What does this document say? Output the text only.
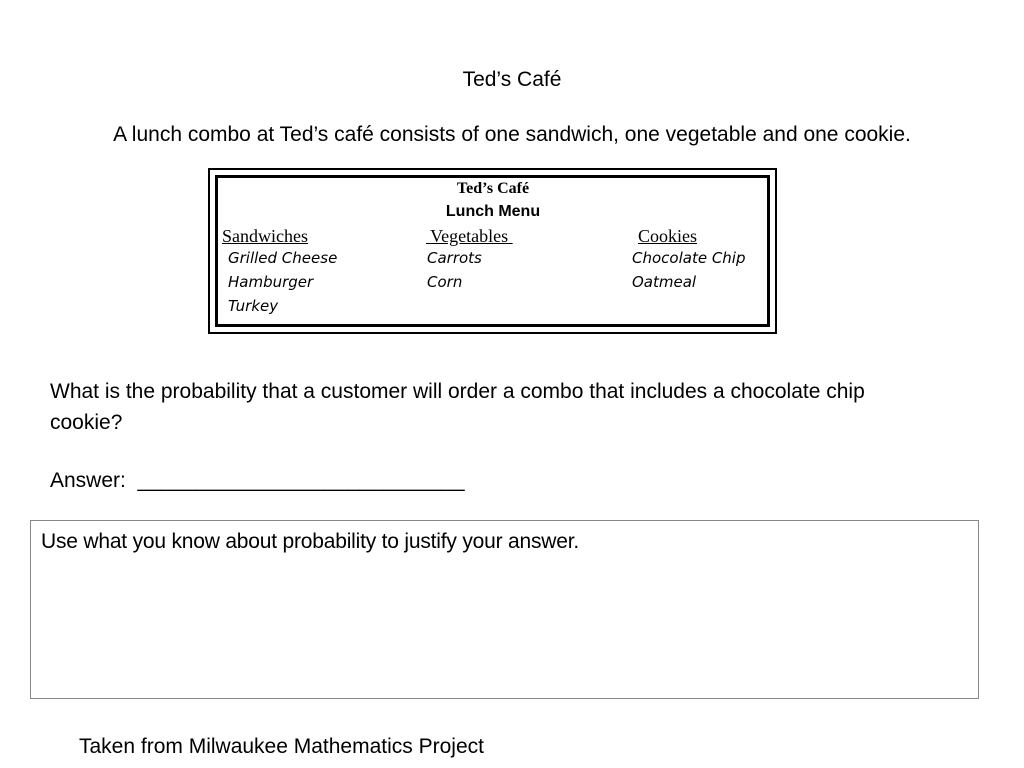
Ted’s Café
A lunch combo at Ted’s café consists of one sandwich, one vegetable and one cookie.
Ted’s Café
Lunch Menu
Sandwiches	Vegetables	Cookies
Grilled Cheese
Hamburger
Turkey
Carrots
Corn
Chocolate Chip
Oatmeal
What is the probability that a customer will order a combo that includes a chocolate chip cookie?
Answer:  ____________________________
Use what you know about probability to justify your answer.
Taken from Milwaukee Mathematics Project
